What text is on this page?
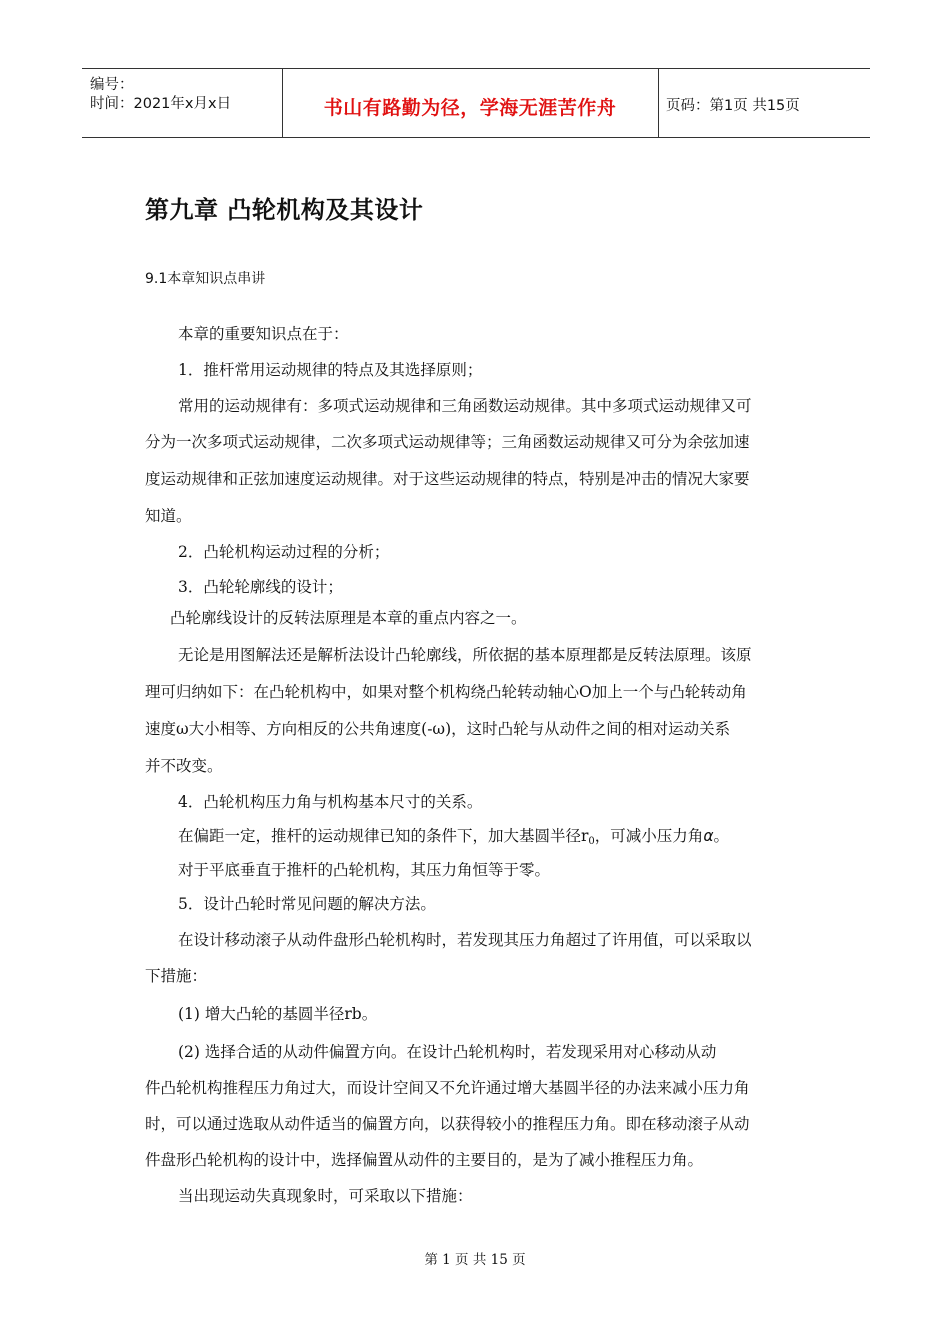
编号：
时间：2021年x月x日	书山有路勤为径，学海无涯苦作舟	页码：第1页 共15页
第九章 凸轮机构及其设计
9.1本章知识点串讲
本章的重要知识点在于：
1．推杆常用运动规律的特点及其选择原则；
常用的运动规律有：多项式运动规律和三角函数运动规律。其中多项式运动规律又可
分为一次多项式运动规律，二次多项式运动规律等；三角函数运动规律又可分为余弦加速
度运动规律和正弦加速度运动规律。对于这些运动规律的特点，特别是冲击的情况大家要
知道。
2．凸轮机构运动过程的分析；
3．凸轮轮廓线的设计；
凸轮廓线设计的反转法原理是本章的重点内容之一。
无论是用图解法还是解析法设计凸轮廓线，所依据的基本原理都是反转法原理。该原
理可归纳如下：在凸轮机构中，如果对整个机构绕凸轮转动轴心O加上一个与凸轮转动角
速度ω大小相等、方向相反的公共角速度(-ω)，这时凸轮与从动件之间的相对运动关系
并不改变。
4．凸轮机构压力角与机构基本尺寸的关系。
在偏距一定，推杆的运动规律已知的条件下，加大基圆半径r0，可减小压力角α。
对于平底垂直于推杆的凸轮机构，其压力角恒等于零。
5．设计凸轮时常见问题的解决方法。
在设计移动滚子从动件盘形凸轮机构时，若发现其压力角超过了许用值，可以采取以
下措施：
(1) 增大凸轮的基圆半径rb。
(2) 选择合适的从动件偏置方向。在设计凸轮机构时，若发现采用对心移动从动
件凸轮机构推程压力角过大，而设计空间又不允许通过增大基圆半径的办法来减小压力角
时，可以通过选取从动件适当的偏置方向，以获得较小的推程压力角。即在移动滚子从动
件盘形凸轮机构的设计中，选择偏置从动件的主要目的，是为了减小推程压力角。
当出现运动失真现象时，可采取以下措施：
第 1 页 共 15 页
